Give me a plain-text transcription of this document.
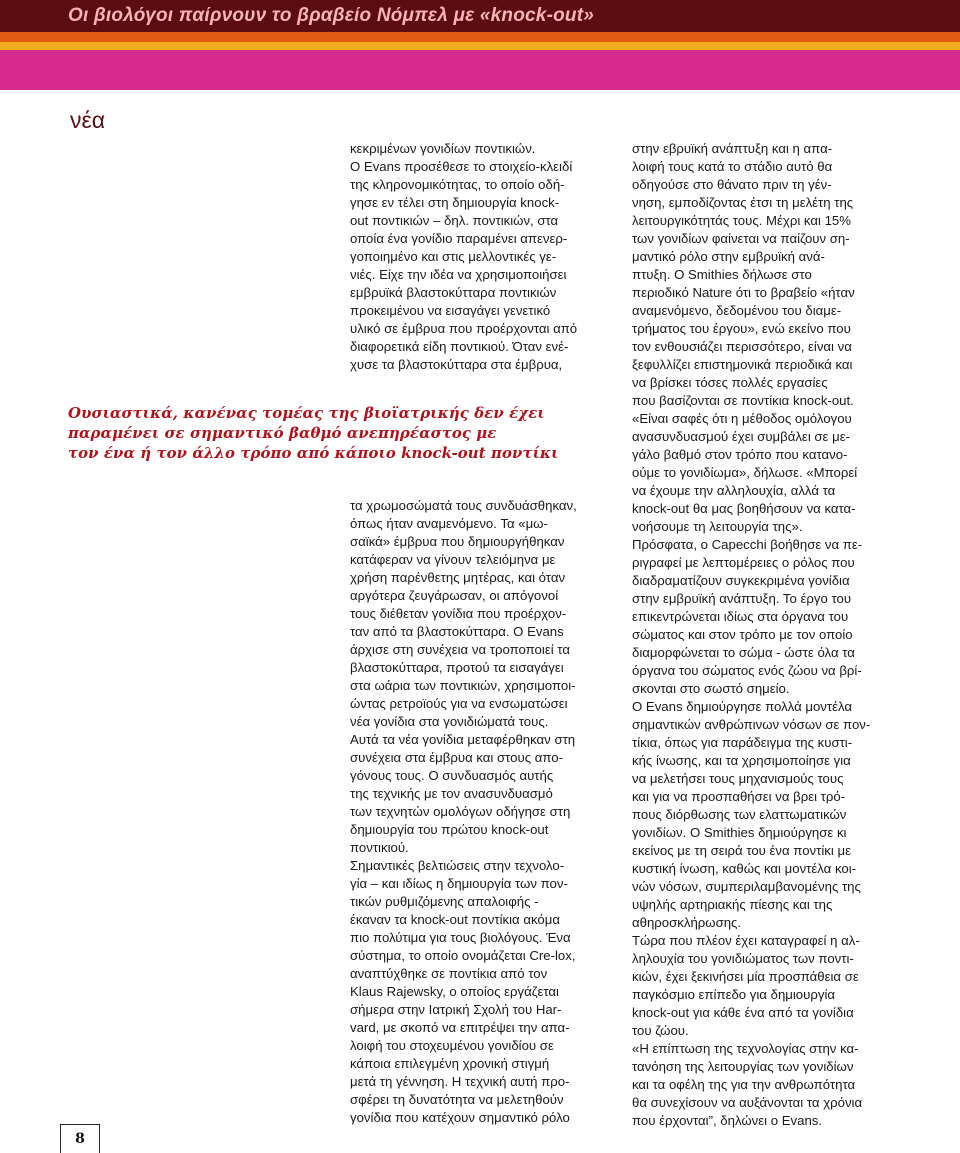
Οι βιολόγοι παίρνουν το βραβείο Νόμπελ με «knock-out»
νέα
κεκριμένων γονιδίων ποντικιών.
Ο Evans προσέθεσε το στοιχείο-κλειδί
της κληρονομικότητας, το οποίο οδή-
γησε εν τέλει στη δημιουργία knock-
out ποντικιών – δηλ. ποντικιών, στα
οποία ένα γονίδιο παραμένει απενερ-
γοποιημένο και στις μελλοντικές γε-
νιές. Είχε την ιδέα να χρησιμοποιήσει
εμβρυϊκά βλαστοκύτταρα ποντικιών
προκειμένου να εισαγάγει γενετικό
υλικό σε έμβρυα που προέρχονται από
διαφορετικά είδη ποντικιού. Όταν ενέ-
χυσε τα βλαστοκύτταρα στα έμβρυα,
Ουσιαστικά, κανένας τομέας της βιοϊατρικής δεν έχει
παραμένει σε σημαντικό βαθμό ανεπηρέαστος με
τον ένα ή τον άλλο τρόπο από κάποιο knock-out ποντίκι
τα χρωμοσώματά τους συνδυάσθηκαν,
όπως ήταν αναμενόμενο. Τα «μω-
σαϊκά» έμβρυα που δημιουργήθηκαν
κατάφεραν να γίνουν τελειόμηνα με
χρήση παρένθετης μητέρας, και όταν
αργότερα ζευγάρωσαν, οι απόγονοί
τους διέθεταν γονίδια που προέρχον-
ταν από τα βλαστοκύτταρα. Ο Evans
άρχισε στη συνέχεια να τροποποιεί τα
βλαστοκύτταρα, προτού τα εισαγάγει
στα ωάρια των ποντικιών, χρησιμοποι-
ώντας ρετροϊούς για να ενσωματώσει
νέα γονίδια στα γονιδιώματά τους.
Αυτά τα νέα γονίδια μεταφέρθηκαν στη
συνέχεια στα έμβρυα και στους απο-
γόνους τους. Ο συνδυασμός αυτής
της τεχνικής με τον ανασυνδυασμό
των τεχνητών ομολόγων οδήγησε στη
δημιουργία του πρώτου knock-out
ποντικιού.
Σημαντικές βελτιώσεις στην τεχνολο-
γία – και ιδίως η δημιουργία των πον-
τικών ρυθμιζόμενης απαλοιφής -
έκαναν τα knock-out ποντίκια ακόμα
πιο πολύτιμα για τους βιολόγους. Ένα
σύστημα, το οποίο ονομάζεται Cre-lox,
αναπτύχθηκε σε ποντίκια από τον
Klaus Rajewsky, ο οποίος εργάζεται
σήμερα στην Ιατρική Σχολή του Har-
vard, με σκοπό να επιτρέψει την απα-
λοιφή του στοχευμένου γονιδίου σε
κάποια επιλεγμένη χρονική στιγμή
μετά τη γέννηση. Η τεχνική αυτή προ-
σφέρει τη δυνατότητα να μελετηθούν
γονίδια που κατέχουν σημαντικό ρόλο
στην εβρυϊκή ανάπτυξη και η απα-
λοιφή τους κατά το στάδιο αυτό θα
οδηγούσε στο θάνατο πριν τη γέν-
νηση, εμποδίζοντας έτσι τη μελέτη της
λειτουργικότητάς τους. Μέχρι και 15%
των γονιδίων φαίνεται να παίζουν ση-
μαντικό ρόλο στην εμβρυϊκή ανά-
πτυξη. Ο Smithies δήλωσε στο
περιοδικό Nature ότι το βραβείο «ήταν
αναμενόμενο, δεδομένου του διαμε-
τρήματος του έργου», ενώ εκείνο που
τον ενθουσιάζει περισσότερο, είναι να
ξεφυλλίζει επιστημονικά περιοδικά και
να βρίσκει τόσες πολλές εργασίες
που βασίζονται σε ποντίκια knock-out.
«Είναι σαφές ότι η μέθοδος ομόλογου
ανασυνδυασμού έχει συμβάλει σε με-
γάλο βαθμό στον τρόπο που κατανο-
ούμε το γονιδίωμα», δήλωσε. «Μπορεί
να έχουμε την αλληλουχία, αλλά τα
knock-out θα μας βοηθήσουν να κατα-
νοήσουμε τη λειτουργία της».
Πρόσφατα, ο Capecchi βοήθησε να πε-
ριγραφεί με λεπτομέρειες ο ρόλος που
διαδραματίζουν συγκεκριμένα γονίδια
στην εμβρυϊκή ανάπτυξη. Το έργο του
επικεντρώνεται ιδίως στα όργανα του
σώματος και στον τρόπο με τον οποίο
διαμορφώνεται το σώμα - ώστε όλα τα
όργανα του σώματος ενός ζώου να βρί-
σκονται στο σωστό σημείο.
Ο Evans δημιούργησε πολλά μοντέλα
σημαντικών ανθρώπινων νόσων σε πον-
τίκια, όπως για παράδειγμα της κυστι-
κής ίνωσης, και τα χρησιμοποίησε για
να μελετήσει τους μηχανισμούς τους
και για να προσπαθήσει να βρει τρό-
πους διόρθωσης των ελαττωματικών
γονιδίων. Ο Smithies δημιούργησε κι
εκείνος με τη σειρά του ένα ποντίκι με
κυστική ίνωση, καθώς και μοντέλα κοι-
νών νόσων, συμπεριλαμβανομένης της
υψηλής αρτηριακής πίεσης και της
αθηροσκλήρωσης.
Τώρα που πλέον έχει καταγραφεί η αλ-
ληλουχία του γονιδιώματος των ποντι-
κιών, έχει ξεκινήσει μία προσπάθεια σε
παγκόσμιο επίπεδο για δημιουργία
knock-out για κάθε ένα από τα γονίδια
του ζώου.
«Η επίπτωση της τεχνολογίας στην κα-
τανόηση της λειτουργίας των γονιδίων
και τα οφέλη της για την ανθρωπότητα
θα συνεχίσουν να αυξάνονται τα χρόνια
που έρχονται”, δηλώνει ο Evans.
8
